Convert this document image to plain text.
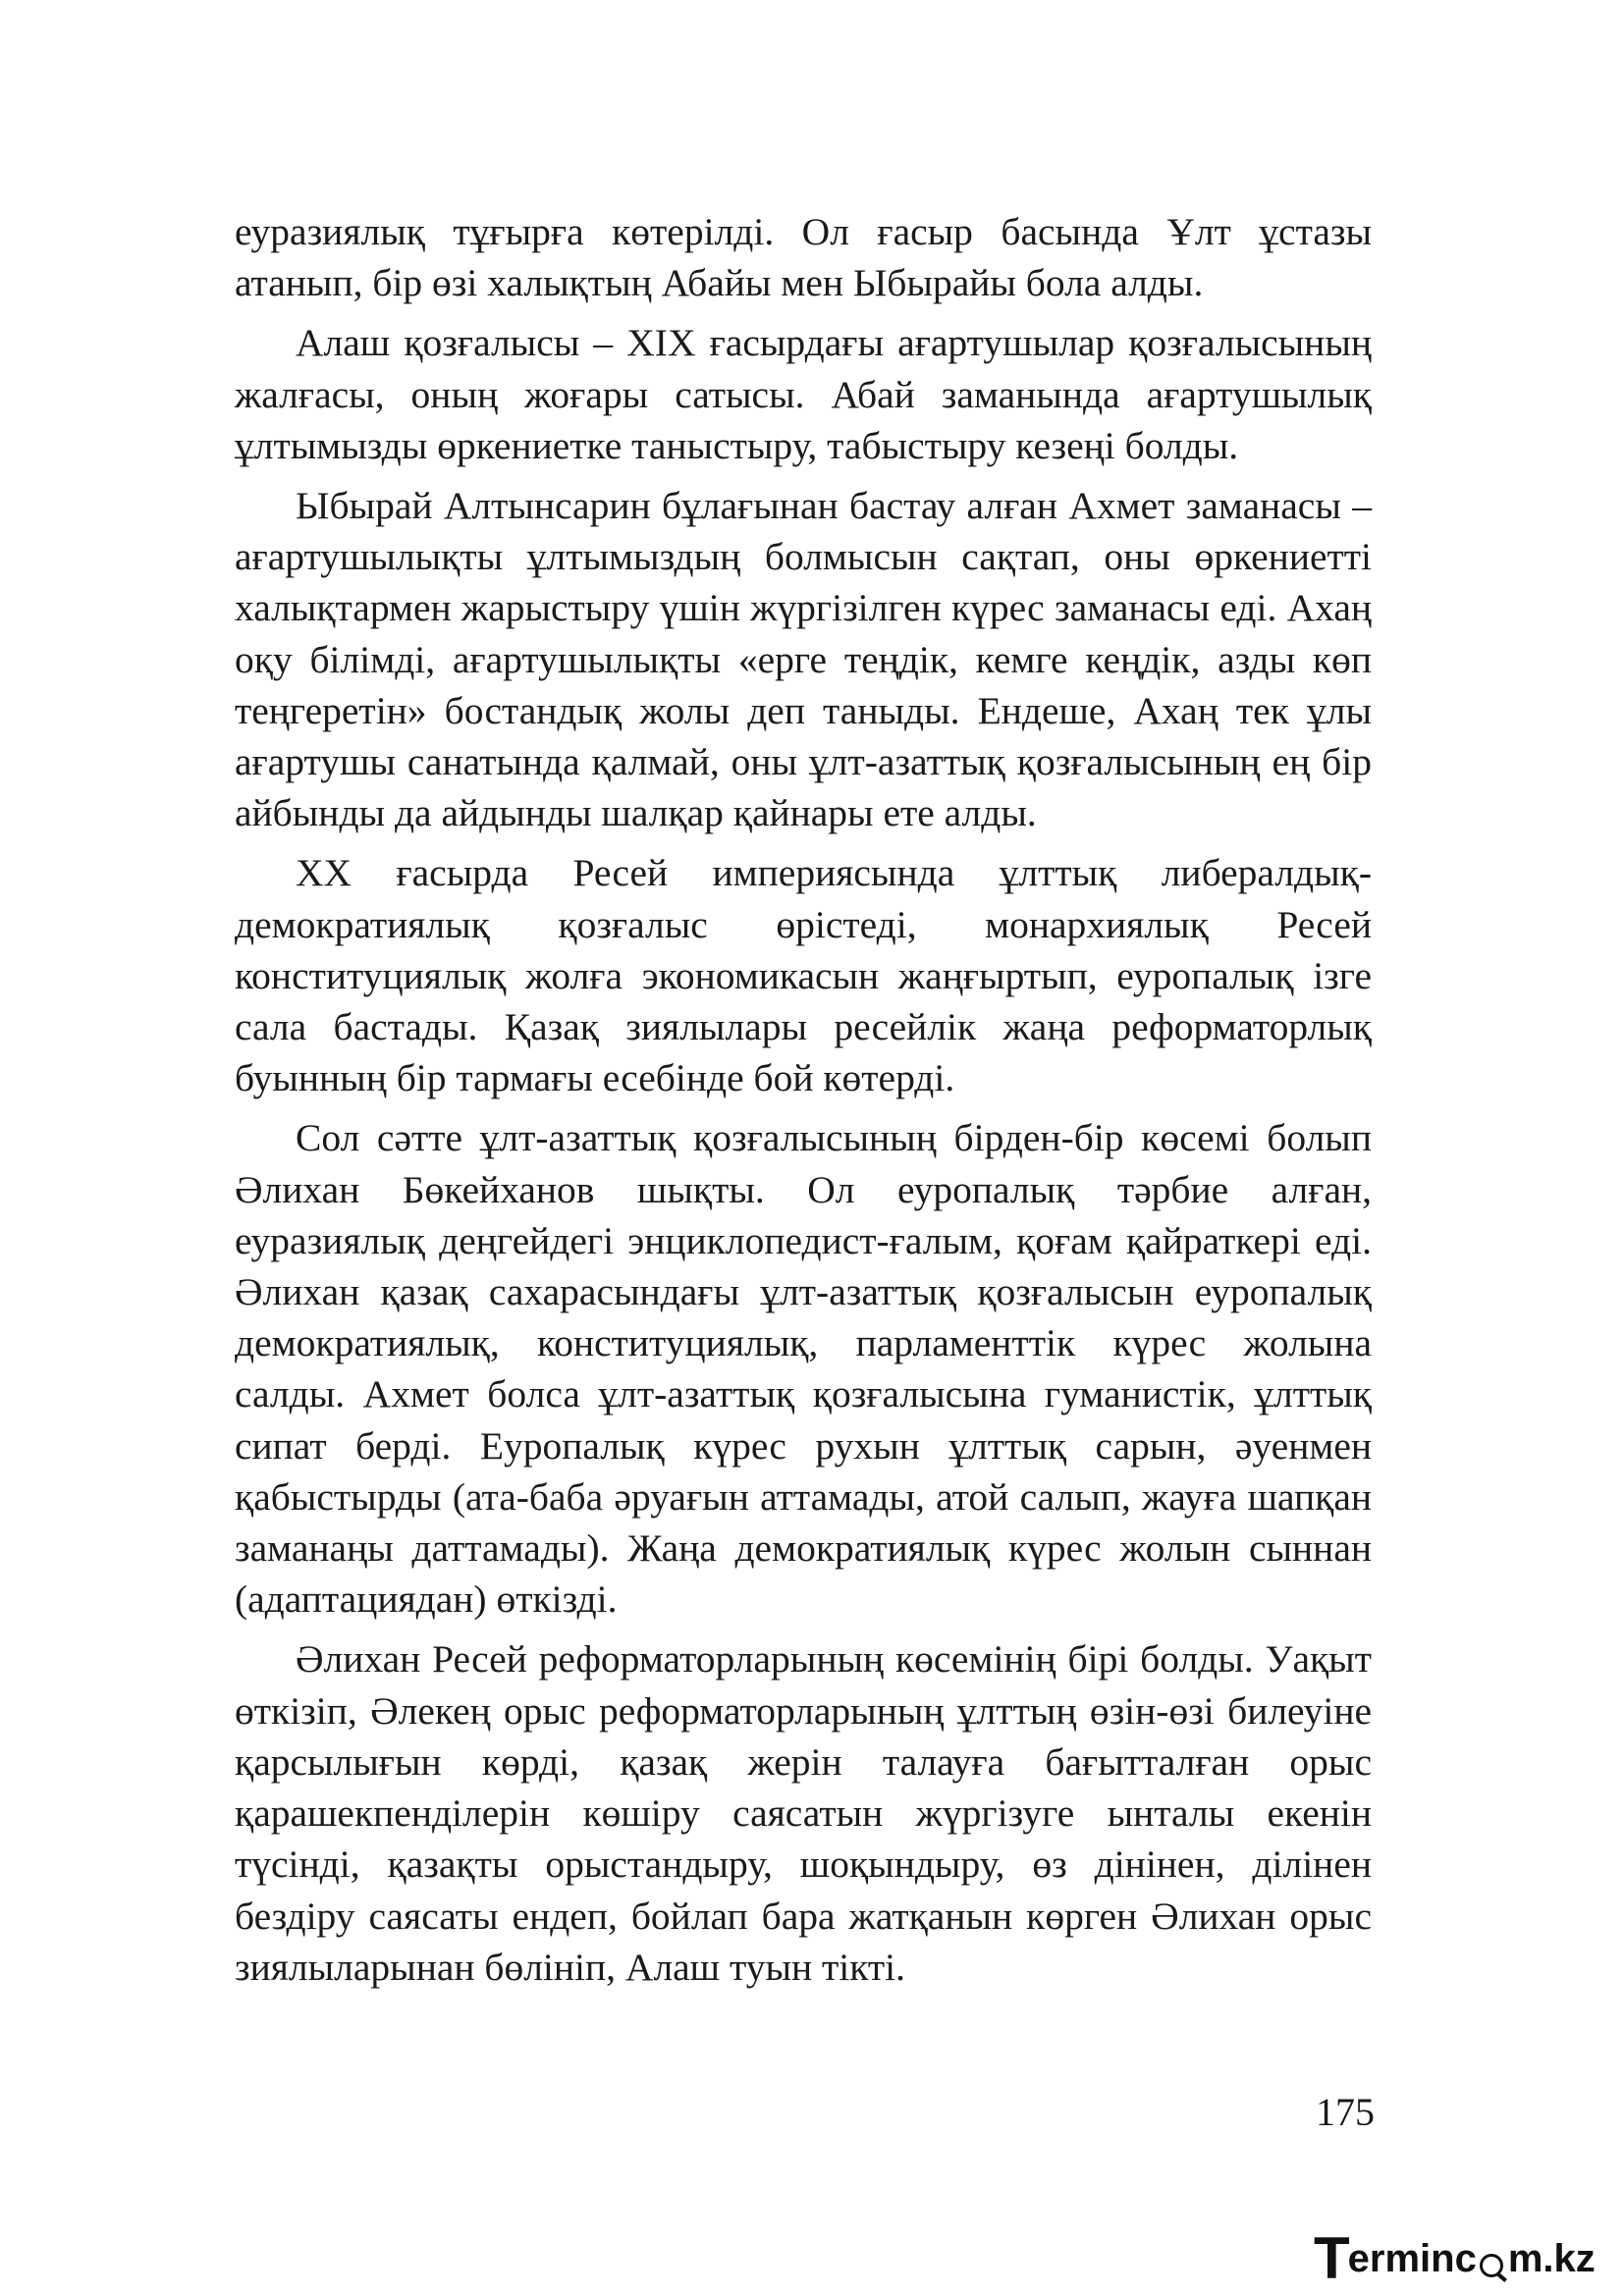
еуразиялық тұғырға көтерілді. Ол ғасыр басында Ұлт ұстазы атанып, бір өзі халықтың Абайы мен Ыбырайы бола алды.

Алаш қозғалысы – XIX ғасырдағы ағартушылар қозғалысының жалғасы, оның жоғары сатысы. Абай заманында ағартушылық ұлтымызды өркениетке таныстыру, табыстыру кезеңі болды.

Ыбырай Алтынсарин бұлағынан бастау алған Ахмет заманасы – ағартушылықты ұлтымыздың болмысын сақтап, оны өркениетті халықтармен жарыстыру үшін жүргізілген күрес заманасы еді. Ахаң оқу білімді, ағартушылықты «ерге теңдік, кемге кеңдік, азды көп теңгеретін» бостандық жолы деп таныды. Ендеше, Ахаң тек ұлы ағартушы санатында қалмай, оны ұлт-азаттық қозғалысының ең бір айбынды да айдынды шалқар қайнары ете алды.

XX ғасырда Ресей империясында ұлттық либералдық-демократиялық қозғалыс өрістеді, монархиялық Ресей конституциялық жолға экономикасын жаңғыртып, еуропалық ізге сала бастады. Қазақ зиялылары ресейлік жаңа реформаторлық буынның бір тармағы есебінде бой көтерді.

Сол сәтте ұлт-азаттық қозғалысының бірден-бір көсемі болып Әлихан Бөкейханов шықты. Ол еуропалық тәрбие алған, еуразиялық деңгейдегі энциклопедист-ғалым, қоғам қайраткері еді. Әлихан қазақ сахарасындағы ұлт-азаттық қозғалысын еуропалық демократиялық, конституциялық, парламенттік күрес жолына салды. Ахмет болса ұлт-азаттық қозғалысына гуманистік, ұлттық сипат берді. Еуропалық күрес рухын ұлттық сарын, әуенмен қабыстырды (ата-баба әруағын аттамады, атой салып, жауға шапқан заманаңы даттамады). Жаңа демократиялық күрес жолын сыннан (адаптациядан) өткізді.

Әлихан Ресей реформаторларының көсемінің бірі болды. Уақыт өткізіп, Әлекең орыс реформаторларының ұлттың өзін-өзі билеуіне қарсылығын көрді, қазақ жерін талауға бағытталған орыс қарашекпенділерін көшіру саясатын жүргізуге ынталы екенін түсінді, қазақты орыстандыру, шоқындыру, өз дінінен, ділінен бездіру саясаты ендеп, бойлап бара жатқанын көрген Әлихан орыс зиялыларынан бөлініп, Алаш туын тікті.

175
T erminc m.kz
